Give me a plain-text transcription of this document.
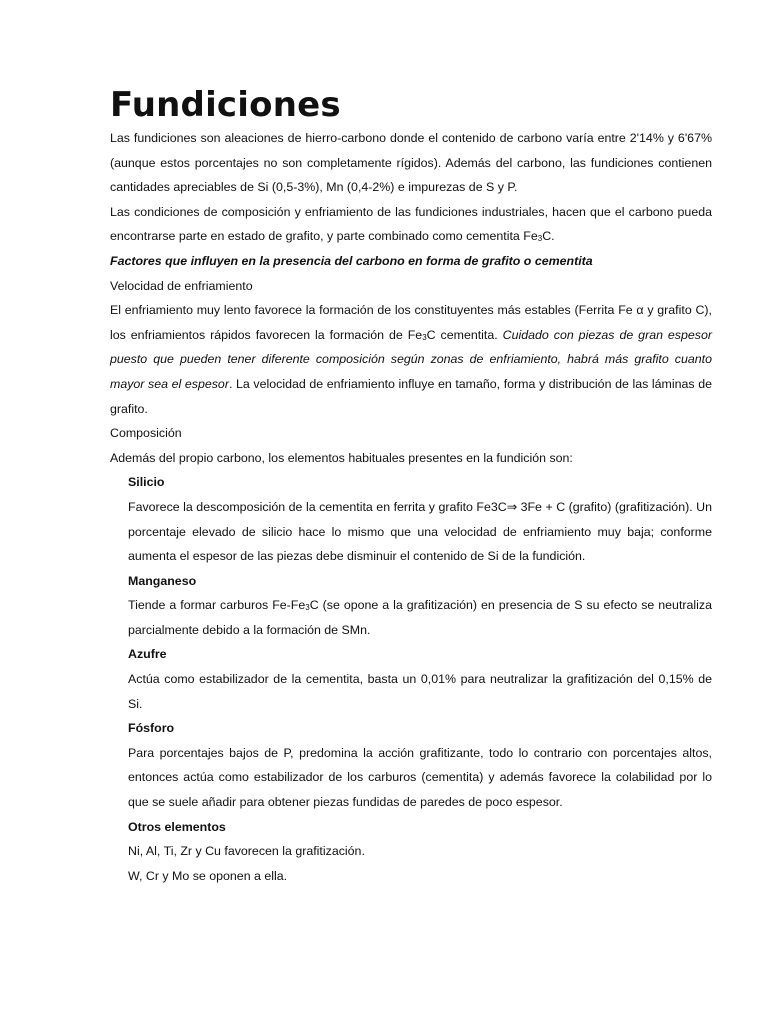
Fundiciones

Las fundiciones son aleaciones de hierro-carbono donde el contenido de carbono varía entre 2'14% y 6'67% (aunque estos porcentajes no son completamente rígidos). Además del carbono, las fundiciones contienen cantidades apreciables de Si (0,5-3%), Mn (0,4-2%) e impurezas de S y P.

Las condiciones de composición y enfriamiento de las fundiciones industriales, hacen que el carbono pueda encontrarse parte en estado de grafito, y parte combinado como cementita $Fe_3C$.

Factores que influyen en la presencia del carbono en forma de grafito o cementita

Velocidad de enfriamiento

El enfriamiento muy lento favorece la formación de los constituyentes más estables (Ferrita Fe α y grafito C), los enfriamientos rápidos favorecen la formación de $Fe_3C$ cementita. Cuidado con piezas de gran espesor puesto que pueden tener diferente composición según zonas de enfriamiento, habrá más grafito cuanto mayor sea el espesor. La velocidad de enfriamiento influye en tamaño, forma y distribución de las láminas de grafito.

Composición

Además del propio carbono, los elementos habituales presentes en la fundición son:

Silicio

Favorece la descomposición de la cementita en ferrita y grafito Fe3C⇒ 3Fe + C (grafito) (grafitización). Un porcentaje elevado de silicio hace lo mismo que una velocidad de enfriamiento muy baja; conforme aumenta el espesor de las piezas debe disminuir el contenido de Si de la fundición.

Manganeso

Tiende a formar carburos $Fe-Fe_3C$ (se opone a la grafitización) en presencia de S su efecto se neutraliza parcialmente debido a la formación de SMn.

Azufre

Actúa como estabilizador de la cementita, basta un 0,01% para neutralizar la grafitización del 0,15% de Si.

Fósforo

Para porcentajes bajos de P, predomina la acción grafitizante, todo lo contrario con porcentajes altos, entonces actúa como estabilizador de los carburos (cementita) y además favorece la colabilidad por lo que se suele añadir para obtener piezas fundidas de paredes de poco espesor.

Otros elementos

Ni, Al, Ti, Zr y Cu favorecen la grafitización.

W, Cr y Mo se oponen a ella.
